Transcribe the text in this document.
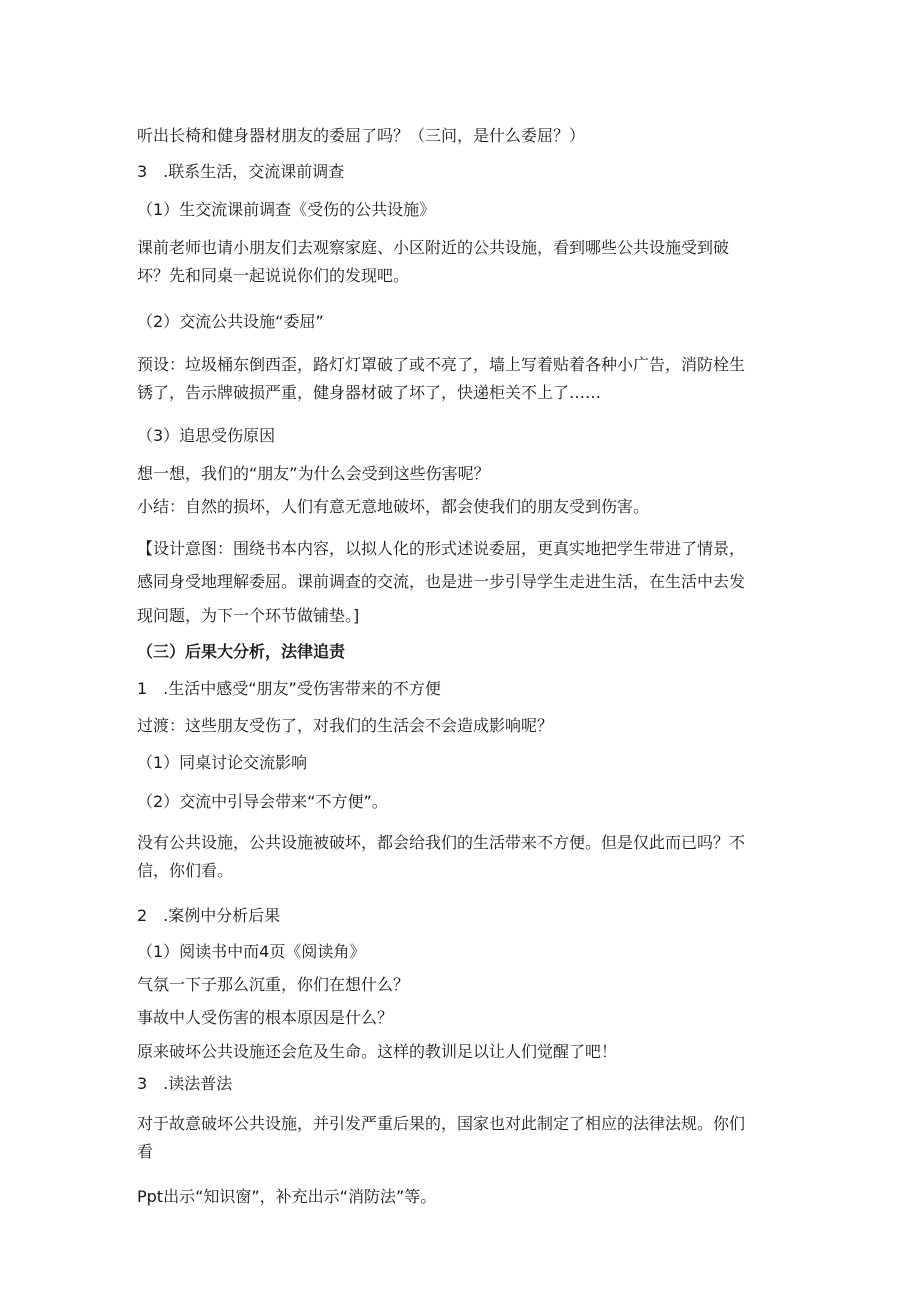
听出长椅和健身器材朋友的委屈了吗？（三问，是什么委屈？）
3　.联系生活，交流课前调查
（1）生交流课前调查《受伤的公共设施》
课前老师也请小朋友们去观察家庭、小区附近的公共设施，看到哪些公共设施受到破
坏？先和同桌一起说说你们的发现吧。
（2）交流公共设施“委屈”
预设：垃圾桶东倒西歪，路灯灯罩破了或不亮了，墙上写着贴着各种小广告，消防栓生
锈了，告示牌破损严重，健身器材破了坏了，快递柜关不上了……
（3）追思受伤原因
想一想，我们的“朋友”为什么会受到这些伤害呢？
小结：自然的损坏，人们有意无意地破坏，都会使我们的朋友受到伤害。
【设计意图：围绕书本内容，以拟人化的形式述说委屈，更真实地把学生带进了情景，
感同身受地理解委屈。课前调查的交流，也是进一步引导学生走进生活，在生活中去发
现问题，为下一个环节做铺垫。]
（三）后果大分析，法律追责
1　.生活中感受“朋友”受伤害带来的不方便
过渡：这些朋友受伤了，对我们的生活会不会造成影响呢？
（1）同桌讨论交流影响
（2）交流中引导会带来“不方便”。
没有公共设施，公共设施被破坏，都会给我们的生活带来不方便。但是仅此而已吗？不
信，你们看。
2　.案例中分析后果
（1）阅读书中而4页《阅读角》
气氛一下子那么沉重，你们在想什么？
事故中人受伤害的根本原因是什么？
原来破坏公共设施还会危及生命。这样的教训足以让人们觉醒了吧！
3　.读法普法
对于故意破坏公共设施，并引发严重后果的，国家也对此制定了相应的法律法规。你们
看
Ppt出示“知识窗”，补充出示“消防法”等。
